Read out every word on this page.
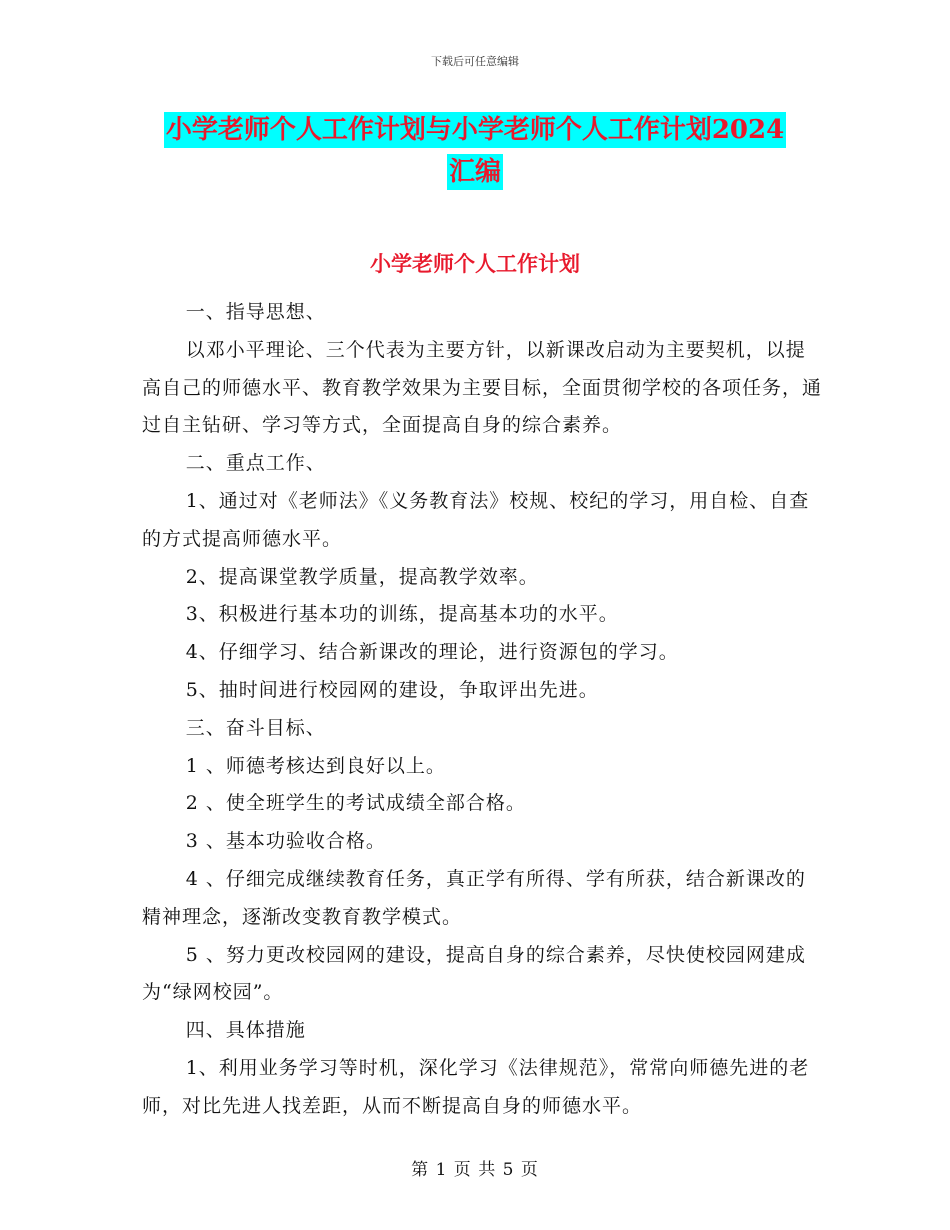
下载后可任意编辑
小学老师个人工作计划与小学老师个人工作计划2024
汇编
小学老师个人工作计划

一、指导思想、

以邓小平理论、三个代表为主要方针，以新课改启动为主要契机，以提高自己的师德水平、教育教学效果为主要目标，全面贯彻学校的各项任务，通过自主钻研、学习等方式，全面提高自身的综合素养。

二、重点工作、

1、通过对《老师法》《义务教育法》校规、校纪的学习，用自检、自查的方式提高师德水平。

2、提高课堂教学质量，提高教学效率。

3、积极进行基本功的训练，提高基本功的水平。

4、仔细学习、结合新课改的理论，进行资源包的学习。

5、抽时间进行校园网的建设，争取评出先进。

三、奋斗目标、

1 、师德考核达到良好以上。

2 、使全班学生的考试成绩全部合格。

3 、基本功验收合格。

4 、仔细完成继续教育任务，真正学有所得、学有所获，结合新课改的精神理念，逐渐改变教育教学模式。

5 、努力更改校园网的建设，提高自身的综合素养，尽快使校园网建成为“绿网校园”。

四、具体措施

1、利用业务学习等时机，深化学习《法律规范》，常常向师德先进的老师，对比先进人找差距，从而不断提高自身的师德水平。

第 1 页 共 5 页
